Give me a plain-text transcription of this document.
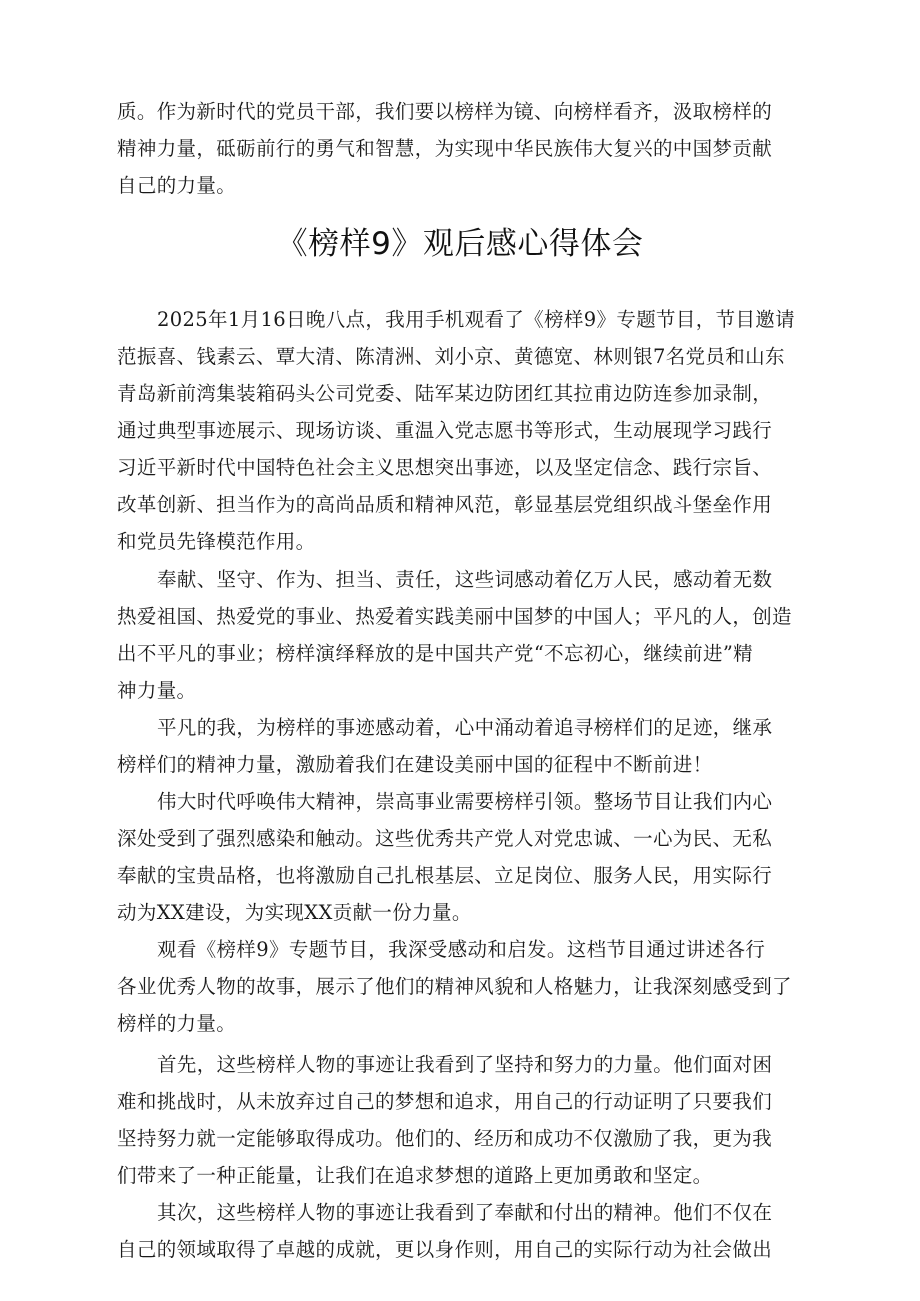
质。作为新时代的党员干部，我们要以榜样为镜、向榜样看齐，汲取榜样的
精神力量，砥砺前行的勇气和智慧，为实现中华民族伟大复兴的中国梦贡献
自己的力量。
《榜样9》观后感心得体会
2025年1月16日晚八点，我用手机观看了《榜样9》专题节目，节目邀请
范振喜、钱素云、覃大清、陈清洲、刘小京、黄德宽、林则银7名党员和山东
青岛新前湾集装箱码头公司党委、陆军某边防团红其拉甫边防连参加录制，
通过典型事迹展示、现场访谈、重温入党志愿书等形式，生动展现学习践行
习近平新时代中国特色社会主义思想突出事迹，以及坚定信念、践行宗旨、
改革创新、担当作为的高尚品质和精神风范，彰显基层党组织战斗堡垒作用
和党员先锋模范作用。
奉献、坚守、作为、担当、责任，这些词感动着亿万人民，感动着无数
热爱祖国、热爱党的事业、热爱着实践美丽中国梦的中国人；平凡的人，创造
出不平凡的事业；榜样演绎释放的是中国共产党“不忘初心，继续前进”精
神力量。
平凡的我，为榜样的事迹感动着，心中涌动着追寻榜样们的足迹，继承
榜样们的精神力量，激励着我们在建设美丽中国的征程中不断前进！
伟大时代呼唤伟大精神，崇高事业需要榜样引领。整场节目让我们内心
深处受到了强烈感染和触动。这些优秀共产党人对党忠诚、一心为民、无私
奉献的宝贵品格，也将激励自己扎根基层、立足岗位、服务人民，用实际行
动为XX建设，为实现XX贡献一份力量。
观看《榜样9》专题节目，我深受感动和启发。这档节目通过讲述各行
各业优秀人物的故事，展示了他们的精神风貌和人格魅力，让我深刻感受到了
榜样的力量。
首先，这些榜样人物的事迹让我看到了坚持和努力的力量。他们面对困
难和挑战时，从未放弃过自己的梦想和追求，用自己的行动证明了只要我们
坚持努力就一定能够取得成功。他们的、经历和成功不仅激励了我，更为我
们带来了一种正能量，让我们在追求梦想的道路上更加勇敢和坚定。
其次，这些榜样人物的事迹让我看到了奉献和付出的精神。他们不仅在
自己的领域取得了卓越的成就，更以身作则，用自己的实际行动为社会做出
